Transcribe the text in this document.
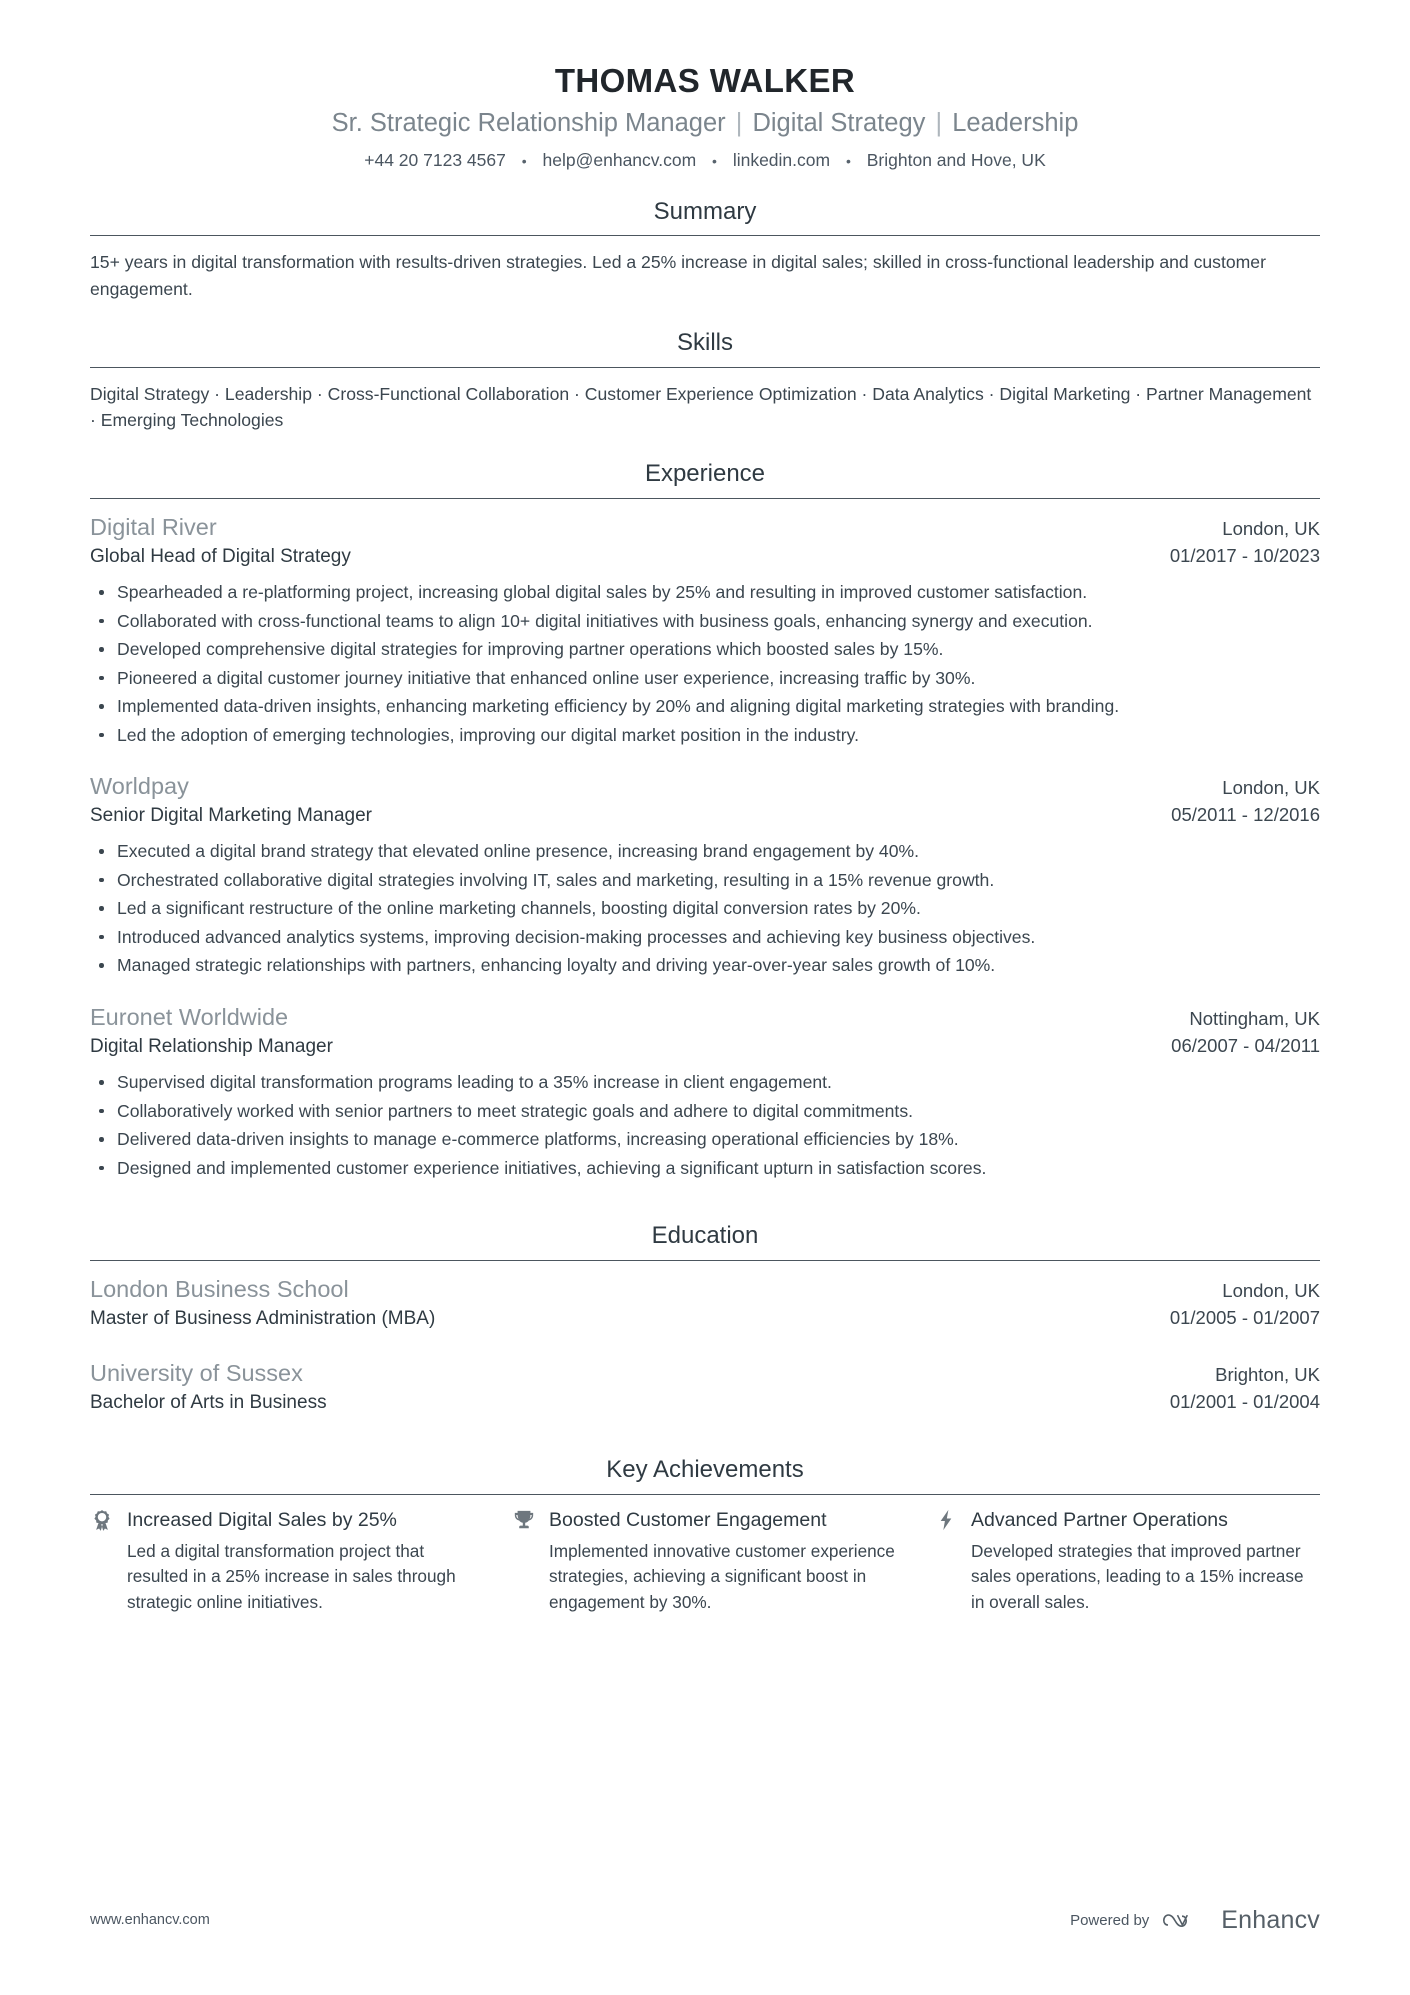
THOMAS WALKER
Sr. Strategic Relationship Manager | Digital Strategy | Leadership
+44 20 7123 4567 • help@enhancv.com • linkedin.com • Brighton and Hove, UK
Summary
15+ years in digital transformation with results-driven strategies. Led a 25% increase in digital sales; skilled in cross-functional leadership and customer engagement.
Skills
Digital Strategy · Leadership · Cross-Functional Collaboration · Customer Experience Optimization · Data Analytics · Digital Marketing · Partner Management · Emerging Technologies
Experience
Digital River	London, UK
Global Head of Digital Strategy	01/2017 - 10/2023
Spearheaded a re-platforming project, increasing global digital sales by 25% and resulting in improved customer satisfaction.
Collaborated with cross-functional teams to align 10+ digital initiatives with business goals, enhancing synergy and execution.
Developed comprehensive digital strategies for improving partner operations which boosted sales by 15%.
Pioneered a digital customer journey initiative that enhanced online user experience, increasing traffic by 30%.
Implemented data-driven insights, enhancing marketing efficiency by 20% and aligning digital marketing strategies with branding.
Led the adoption of emerging technologies, improving our digital market position in the industry.
Worldpay	London, UK
Senior Digital Marketing Manager	05/2011 - 12/2016
Executed a digital brand strategy that elevated online presence, increasing brand engagement by 40%.
Orchestrated collaborative digital strategies involving IT, sales and marketing, resulting in a 15% revenue growth.
Led a significant restructure of the online marketing channels, boosting digital conversion rates by 20%.
Introduced advanced analytics systems, improving decision-making processes and achieving key business objectives.
Managed strategic relationships with partners, enhancing loyalty and driving year-over-year sales growth of 10%.
Euronet Worldwide	Nottingham, UK
Digital Relationship Manager	06/2007 - 04/2011
Supervised digital transformation programs leading to a 35% increase in client engagement.
Collaboratively worked with senior partners to meet strategic goals and adhere to digital commitments.
Delivered data-driven insights to manage e-commerce platforms, increasing operational efficiencies by 18%.
Designed and implemented customer experience initiatives, achieving a significant upturn in satisfaction scores.
Education
London Business School	London, UK
Master of Business Administration (MBA)	01/2005 - 01/2007
University of Sussex	Brighton, UK
Bachelor of Arts in Business	01/2001 - 01/2004
Key Achievements
Increased Digital Sales by 25%
Led a digital transformation project that resulted in a 25% increase in sales through strategic online initiatives.
Boosted Customer Engagement
Implemented innovative customer experience strategies, achieving a significant boost in engagement by 30%.
Advanced Partner Operations
Developed strategies that improved partner sales operations, leading to a 15% increase in overall sales.
www.enhancv.com	Powered by	Enhancv
